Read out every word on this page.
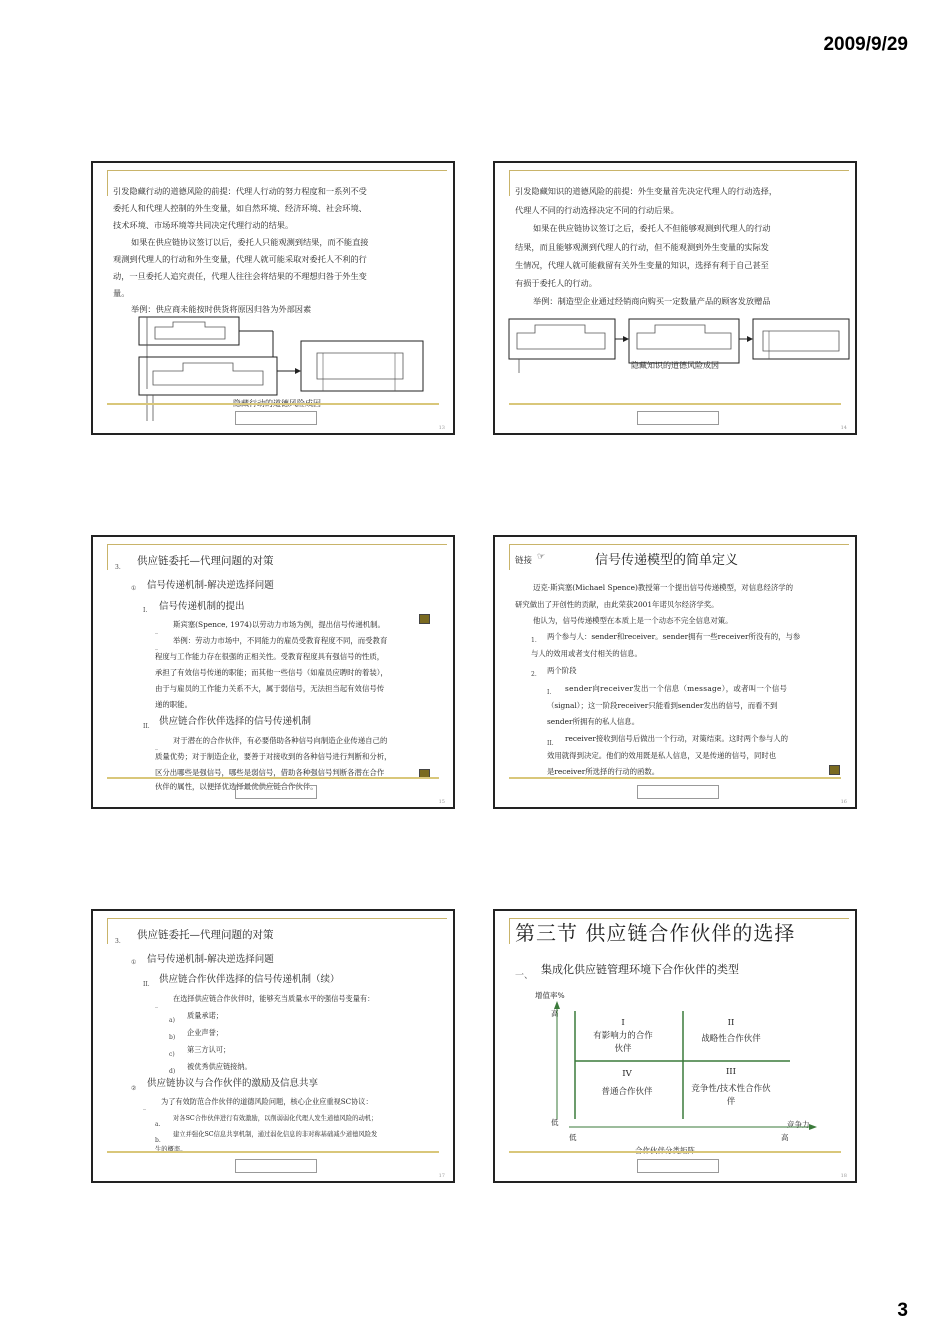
2009/9/29
引发隐藏行动的道德风险的前提：代理人行动的努力程度和一系列不受
委托人和代理人控制的外生变量，如自然环境、经济环境、社会环境、
技术环境、市场环境等共同决定代理行动的结果。
如果在供应链协议签订以后，委托人只能观测到结果，而不能直接
观测到代理人的行动和外生变量，代理人就可能采取对委托人不利的行
动，一旦委托人追究责任，代理人往往会将结果的不理想归咎于外生变
量。
举例：供应商未能按时供货将原因归咎为外部因素
隐藏行动的道德风险成因
13
引发隐藏知识的道德风险的前提：外生变量首先决定代理人的行动选择，
代理人不同的行动选择决定不同的行动后果。
如果在供应链协议签订之后，委托人不但能够观测到代理人的行动
结果，而且能够观测到代理人的行动，但不能观测到外生变量的实际发
生情况，代理人就可能截留有关外生变量的知识，选择有利于自己甚至
有损于委托人的行动。
举例：制造型企业通过经销商向购买一定数量产品的顾客发放赠品
隐藏知识的道德风险成因
14
3.
供应链委托—代理问题的对策
① 信号传递机制-解决逆选择问题
I. 信号传递机制的提出
_
斯宾塞(Spence, 1974)以劳动力市场为例，提出信号传递机制。
_
举例：劳动力市场中，不同能力的雇员受教育程度不同，而受教育
程度与工作能力存在很强的正相关性。受教育程度具有强信号的性质，
承担了有效信号传递的职能；而其他一些信号（如雇员应聘时的着装），
由于与雇员的工作能力关系不大，属于弱信号，无法担当起有效信号传
递的职能。
II. 供应链合作伙伴选择的信号传递机制
_
对于潜在的合作伙伴，有必要借助各种信号向制造企业传递自己的
质量优势；对于制造企业，要善于对接收到的各种信号进行判断和分析，
区分出哪些是强信号，哪些是弱信号，借助各种强信号判断各潜在合作
伙伴的属性，以便择优选择最优供应链合作伙伴。
15
链接 ☞	信号传递模型的简单定义
迈克·斯宾塞(Michael Spence)教授第一个提出信号传递模型，对信息经济学的
研究做出了开创性的贡献，由此荣获2001年诺贝尔经济学奖。
他认为，信号传递模型在本质上是一个动态不完全信息对策。
1. 两个参与人：sender和receiver。sender拥有一些receiver所没有的，与参
与人的效用或者支付相关的信息。
2. 两个阶段
I. sender向receiver发出一个信息（message），或者叫一个信号
（signal）；这一阶段receiver只能看到sender发出的信号，而看不到
sender所拥有的私人信息。
II.
receiver接收到信号后做出一个行动，对策结束。这时两个参与人的
效用就得到决定。他们的效用既是私人信息，又是传递的信号，同时也
是receiver所选择的行动的函数。
16
3.
供应链委托—代理问题的对策
① 信号传递机制-解决逆选择问题
II. 供应链合作伙伴选择的信号传递机制（续）
_
在选择供应链合作伙伴时，能够充当质量水平的强信号变量有：
a)
质量承诺；
b)
企业声誉；
c)
第三方认可；
d)
被优秀供应链接纳。
② 供应链协议与合作伙伴的激励及信息共享
_
为了有效防范合作伙伴的道德风险问题，核心企业应重视SC协议：
a.
对各SC合作伙伴进行有效激励，以削弱弱化代理人发生道德风险的动机；
b.
建立并强化SC信息共享机制，通过弱化信息的非对称基础减少道德风险发
生的概率。
17
第三节 供应链合作伙伴的选择
一、 集成化供应链管理环境下合作伙伴的类型
增值率%
高
低
低	高
竞争力
I
有影响力的合作伙伴
II
战略性合作伙伴
IV
普通合作伙伴
III
竞争性/技术性合作伙伴
合作伙伴分类矩阵
18
3
